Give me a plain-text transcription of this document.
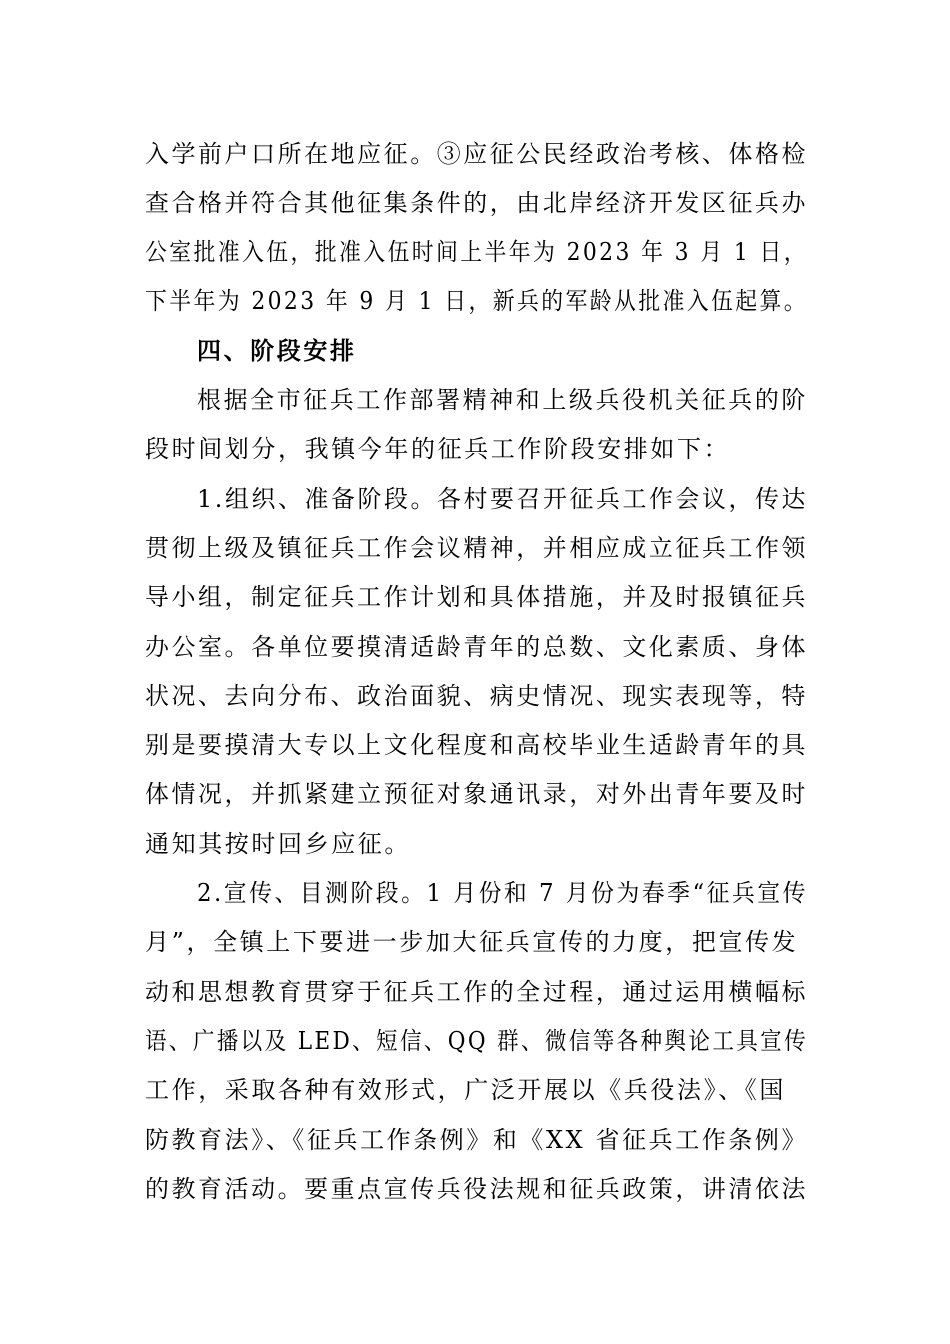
入学前户口所在地应征。③应征公民经政治考核、体格检
查合格并符合其他征集条件的，由北岸经济开发区征兵办
公室批准入伍，批准入伍时间上半年为 2023 年 3 月 1 日，
下半年为 2023 年 9 月 1 日，新兵的军龄从批准入伍起算。
四、阶段安排
根据全市征兵工作部署精神和上级兵役机关征兵的阶
段时间划分，我镇今年的征兵工作阶段安排如下：
1.组织、准备阶段。各村要召开征兵工作会议，传达
贯彻上级及镇征兵工作会议精神，并相应成立征兵工作领
导小组，制定征兵工作计划和具体措施，并及时报镇征兵
办公室。各单位要摸清适龄青年的总数、文化素质、身体
状况、去向分布、政治面貌、病史情况、现实表现等，特
别是要摸清大专以上文化程度和高校毕业生适龄青年的具
体情况，并抓紧建立预征对象通讯录，对外出青年要及时
通知其按时回乡应征。
2.宣传、目测阶段。1 月份和 7 月份为春季“征兵宣传
月”，全镇上下要进一步加大征兵宣传的力度，把宣传发
动和思想教育贯穿于征兵工作的全过程，通过运用横幅标
语、广播以及 LED、短信、QQ 群、微信等各种舆论工具宣传
工作，采取各种有效形式，广泛开展以《兵役法》、《国
防教育法》、《征兵工作条例》和《XX 省征兵工作条例》
的教育活动。要重点宣传兵役法规和征兵政策，讲清依法
